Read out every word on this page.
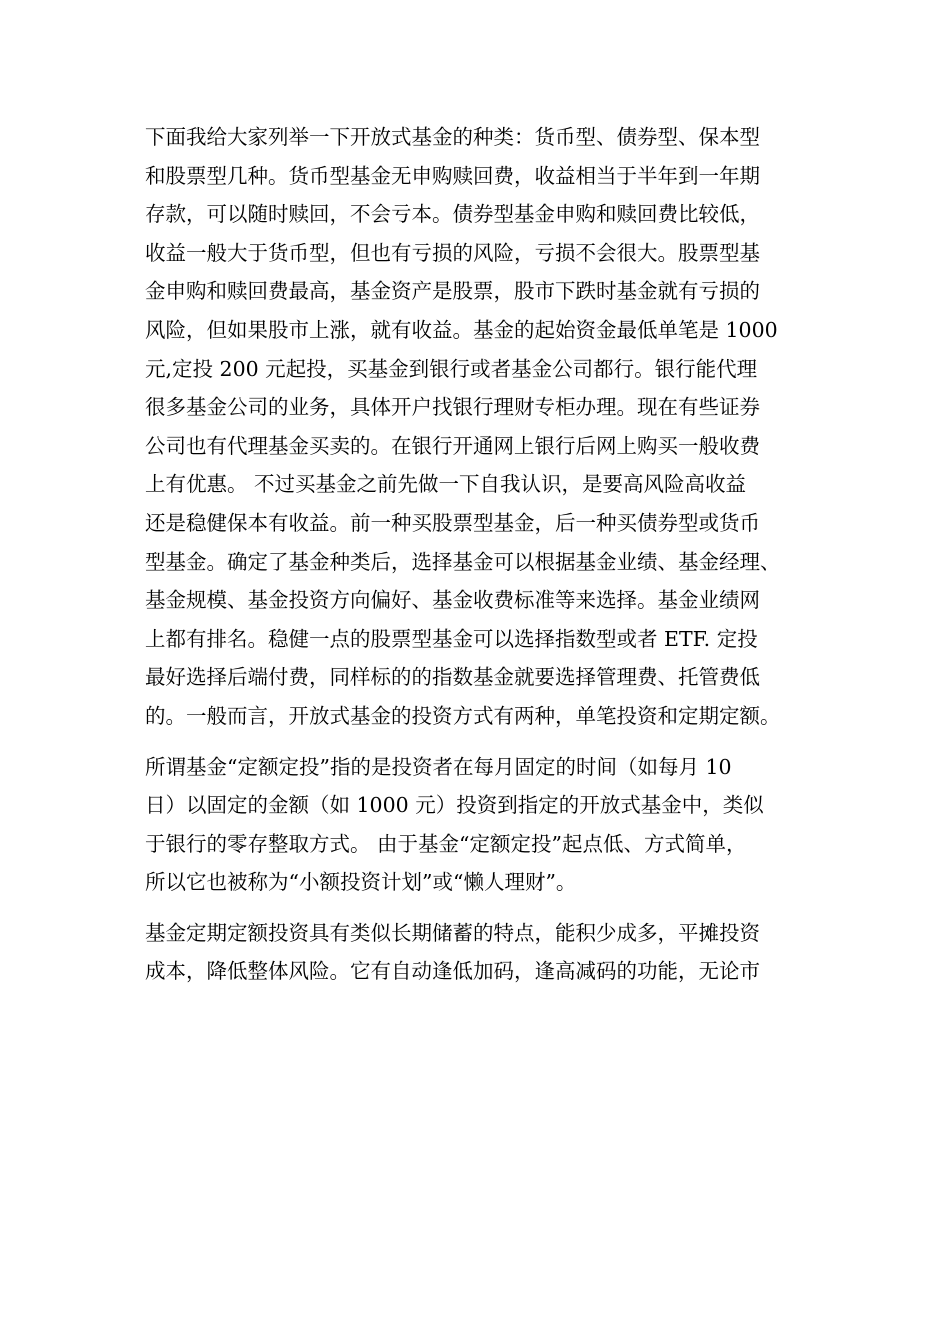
下面我给大家列举一下开放式基金的种类：货币型、债券型、保本型
和股票型几种。货币型基金无申购赎回费，收益相当于半年到一年期
存款，可以随时赎回，不会亏本。债券型基金申购和赎回费比较低，
收益一般大于货币型，但也有亏损的风险，亏损不会很大。股票型基
金申购和赎回费最高，基金资产是股票，股市下跌时基金就有亏损的
风险，但如果股市上涨，就有收益。基金的起始资金最低单笔是 1000
元,定投 200 元起投，买基金到银行或者基金公司都行。银行能代理
很多基金公司的业务，具体开户找银行理财专柜办理。现在有些证券
公司也有代理基金买卖的。在银行开通网上银行后网上购买一般收费
上有优惠。 不过买基金之前先做一下自我认识，是要高风险高收益
还是稳健保本有收益。前一种买股票型基金，后一种买债券型或货币
型基金。确定了基金种类后，选择基金可以根据基金业绩、基金经理、
基金规模、基金投资方向偏好、基金收费标准等来选择。基金业绩网
上都有排名。稳健一点的股票型基金可以选择指数型或者 ETF. 定投
最好选择后端付费，同样标的的指数基金就要选择管理费、托管费低
的。一般而言，开放式基金的投资方式有两种，单笔投资和定期定额。

所谓基金“定额定投”指的是投资者在每月固定的时间（如每月 10
日）以固定的金额（如 1000 元）投资到指定的开放式基金中，类似
于银行的零存整取方式。 由于基金“定额定投”起点低、方式简单，
所以它也被称为“小额投资计划”或“懒人理财”。

基金定期定额投资具有类似长期储蓄的特点，能积少成多，平摊投资
成本，降低整体风险。它有自动逢低加码，逢高减码的功能，无论市
